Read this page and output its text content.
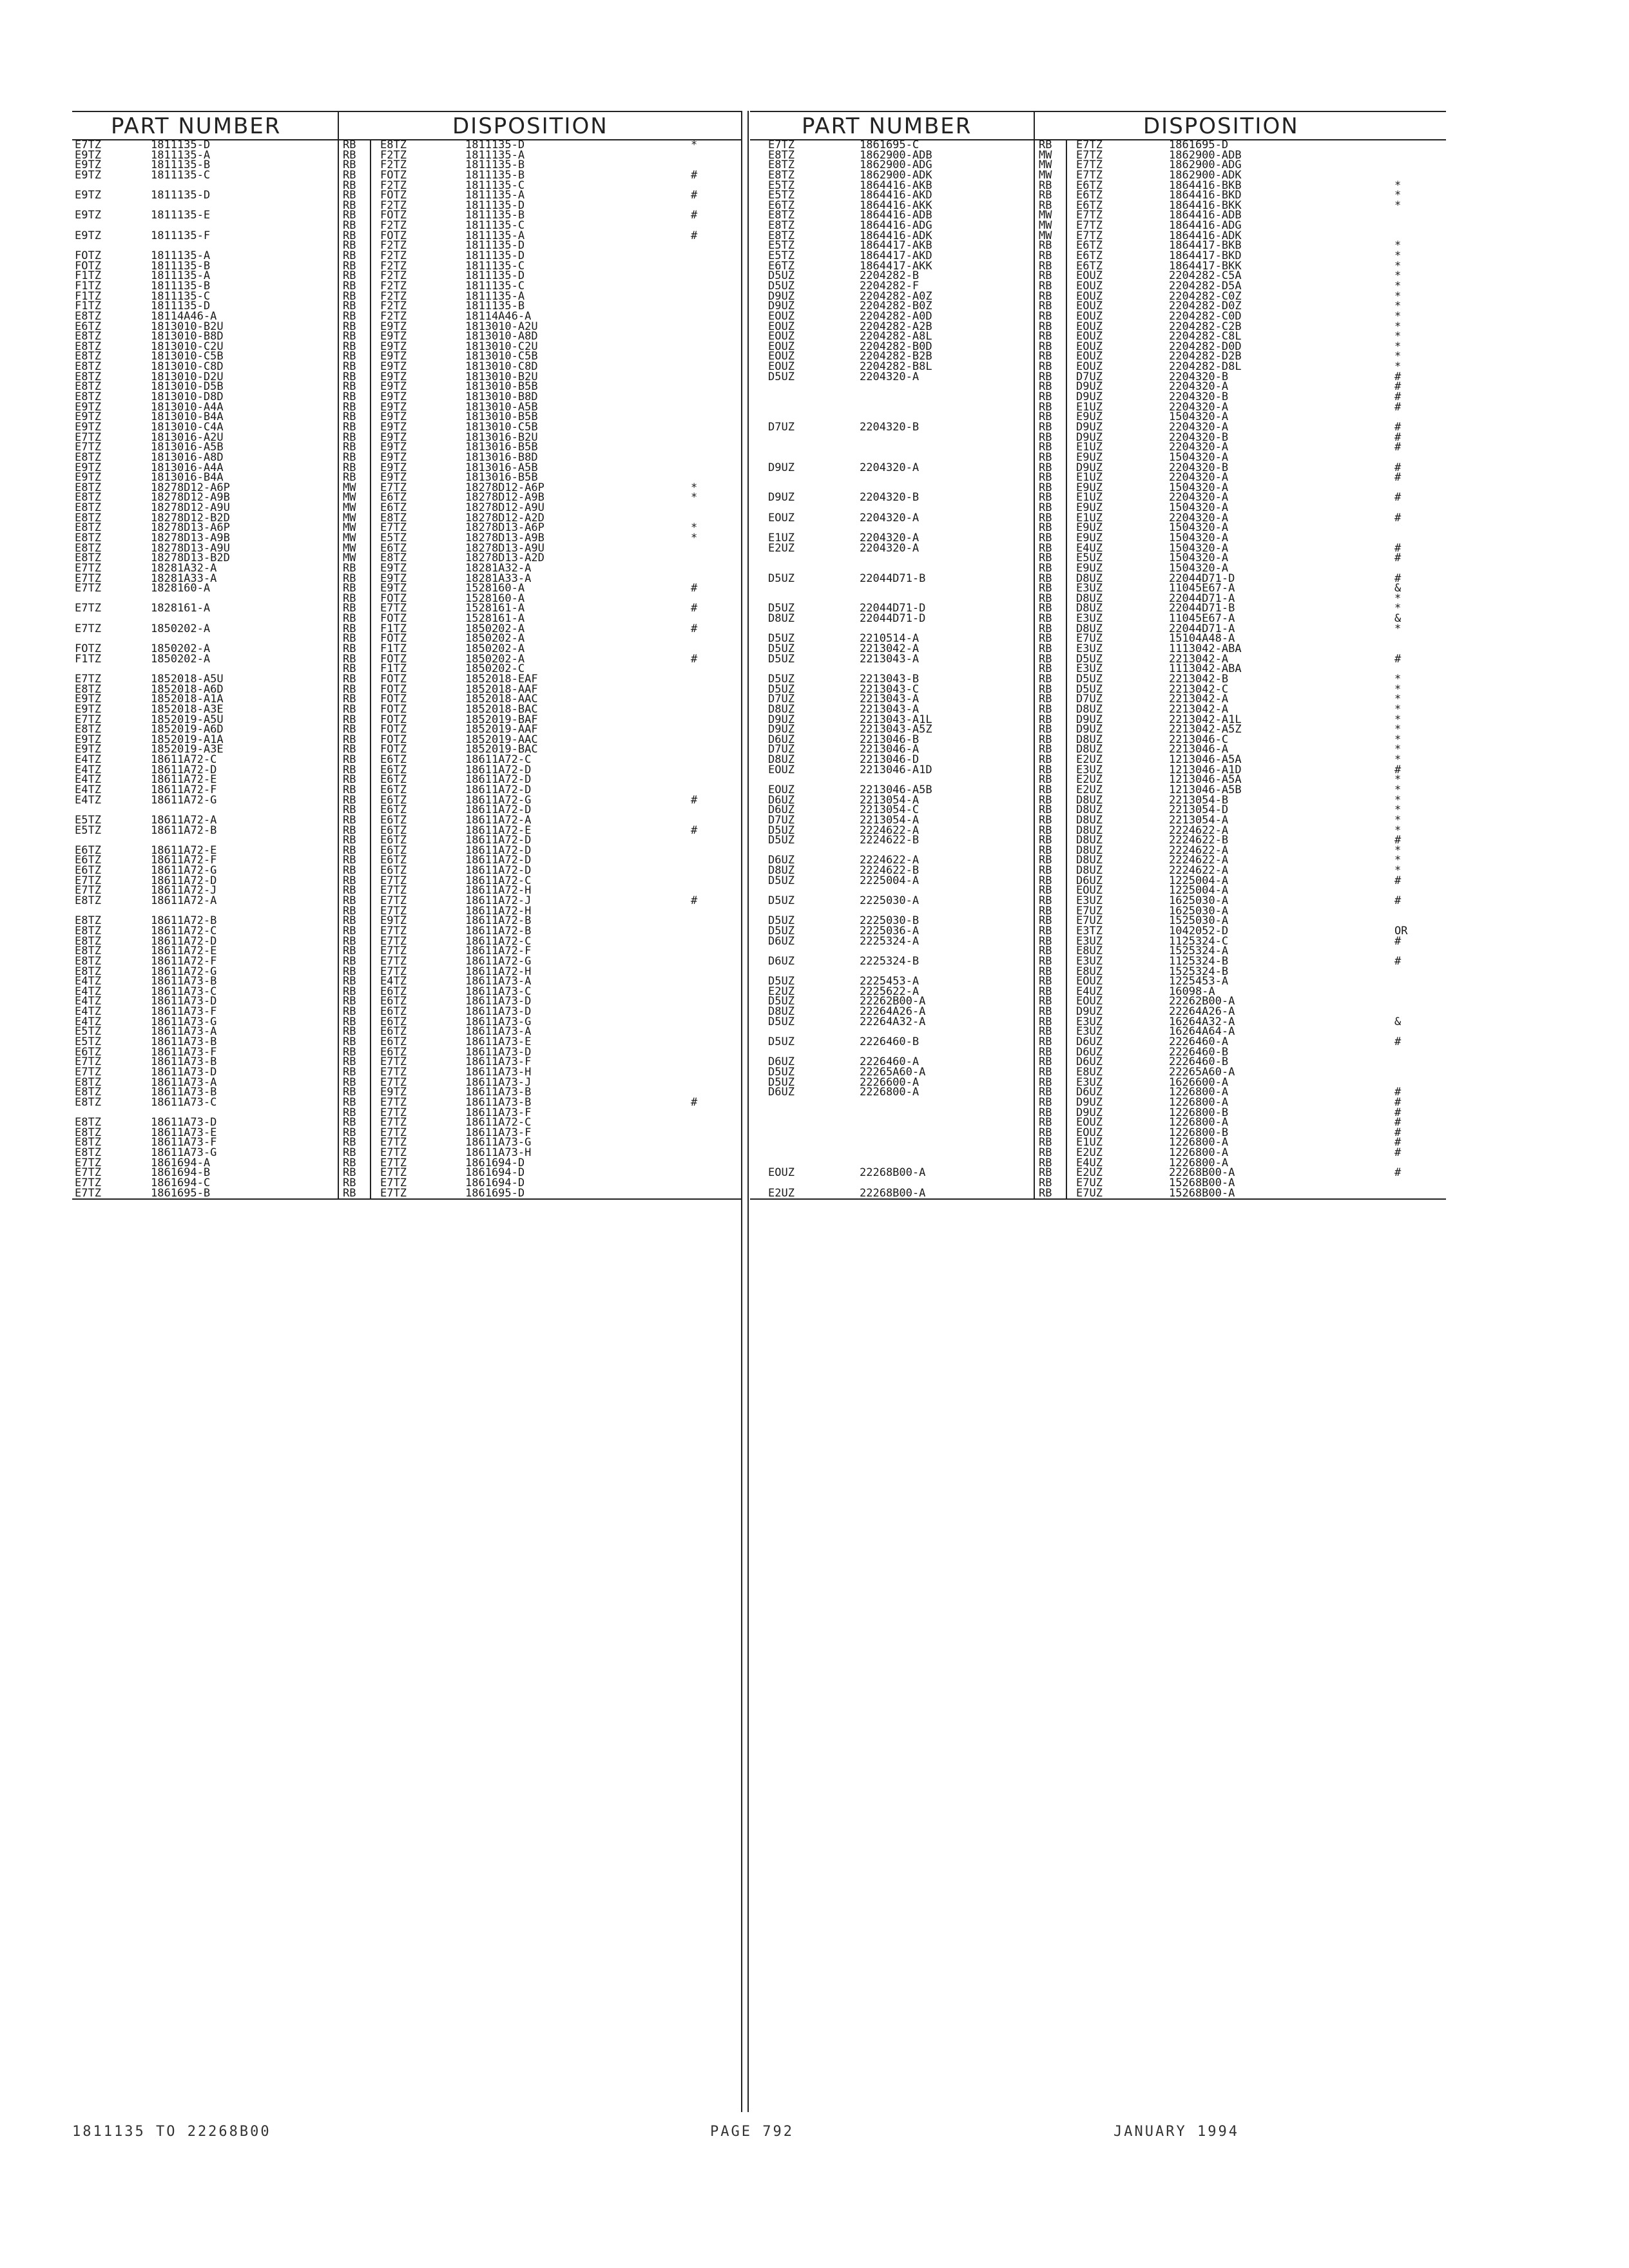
PART NUMBER	DISPOSITION
E7TZ	1811135-D	RB E8TZ	1811135-D	*
E9TZ	1811135-A	RB F2TZ	1811135-A
E9TZ	1811135-B	RB F2TZ	1811135-B
E9TZ	1811135-C	RB FOTZ	1811135-B	#
RB F2TZ	1811135-C
E9TZ	1811135-D	RB FOTZ	1811135-A	#
RB F2TZ	1811135-D
E9TZ	1811135-E	RB FOTZ	1811135-B	#
RB F2TZ	1811135-C
E9TZ	1811135-F	RB FOTZ	1811135-A	#
RB F2TZ	1811135-D
FOTZ	1811135-A	RB F2TZ	1811135-D
FOTZ	1811135-B	RB F2TZ	1811135-C
F1TZ	1811135-A	RB F2TZ	1811135-D
F1TZ	1811135-B	RB F2TZ	1811135-C
F1TZ	1811135-C	RB F2TZ	1811135-A
F1TZ	1811135-D	RB F2TZ	1811135-B
E8TZ	18114A46-A	RB F2TZ	18114A46-A
E6TZ	1813010-B2U	RB E9TZ	1813010-A2U
E8TZ	1813010-B8D	RB E9TZ	1813010-A8D
E8TZ	1813010-C2U	RB E9TZ	1813010-C2U
E8TZ	1813010-C5B	RB E9TZ	1813010-C5B
E8TZ	1813010-C8D	RB E9TZ	1813010-C8D
E8TZ	1813010-D2U	RB E9TZ	1813010-B2U
E8TZ	1813010-D5B	RB E9TZ	1813010-B5B
E8TZ	1813010-D8D	RB E9TZ	1813010-B8D
E9TZ	1813010-A4A	RB E9TZ	1813010-A5B
E9TZ	1813010-B4A	RB E9TZ	1813010-B5B
E9TZ	1813010-C4A	RB E9TZ	1813010-C5B
E7TZ	1813016-A2U	RB E9TZ	1813016-B2U
E7TZ	1813016-A5B	RB E9TZ	1813016-B5B
E8TZ	1813016-A8D	RB E9TZ	1813016-B8D
E9TZ	1813016-A4A	RB E9TZ	1813016-A5B
E9TZ	1813016-B4A	RB E9TZ	1813016-B5B
E8TZ	18278D12-A6P	MW E7TZ	18278D12-A6P	*
E8TZ	18278D12-A9B	MW E6TZ	18278D12-A9B	*
E8TZ	18278D12-A9U	MW E6TZ	18278D12-A9U
E8TZ	18278D12-B2D	MW E8TZ	18278D12-A2D
E8TZ	18278D13-A6P	MW E7TZ	18278D13-A6P	*
E8TZ	18278D13-A9B	MW E5TZ	18278D13-A9B	*
E8TZ	18278D13-A9U	MW E6TZ	18278D13-A9U
E8TZ	18278D13-B2D	MW E8TZ	18278D13-A2D
E7TZ	18281A32-A	RB E9TZ	18281A32-A
E7TZ	18281A33-A	RB E9TZ	18281A33-A
E7TZ	1828160-A	RB E9TZ	1528160-A	#
RB FOTZ	1528160-A
E7TZ	1828161-A	RB E7TZ	1528161-A	#
RB FOTZ	1528161-A
E7TZ	1850202-A	RB F1TZ	1850202-A	#
RB FOTZ	1850202-A
FOTZ	1850202-A	RB F1TZ	1850202-A
F1TZ	1850202-A	RB FOTZ	1850202-A	#
RB F1TZ	1850202-C
E7TZ	1852018-A5U	RB FOTZ	1852018-EAF
E8TZ	1852018-A6D	RB FOTZ	1852018-AAF
E9TZ	1852018-A1A	RB FOTZ	1852018-AAC
E9TZ	1852018-A3E	RB FOTZ	1852018-BAC
E7TZ	1852019-A5U	RB FOTZ	1852019-BAF
E8TZ	1852019-A6D	RB FOTZ	1852019-AAF
E9TZ	1852019-A1A	RB FOTZ	1852019-AAC
E9TZ	1852019-A3E	RB FOTZ	1852019-BAC
E4TZ	18611A72-C	RB E6TZ	18611A72-C
E4TZ	18611A72-D	RB E6TZ	18611A72-D
E4TZ	18611A72-E	RB E6TZ	18611A72-D
E4TZ	18611A72-F	RB E6TZ	18611A72-D
E4TZ	18611A72-G	RB E6TZ	18611A72-G	#
RB E6TZ	18611A72-D
E5TZ	18611A72-A	RB E6TZ	18611A72-A
E5TZ	18611A72-B	RB E6TZ	18611A72-E	#
RB E6TZ	18611A72-D
E6TZ	18611A72-E	RB E6TZ	18611A72-D
E6TZ	18611A72-F	RB E6TZ	18611A72-D
E6TZ	18611A72-G	RB E6TZ	18611A72-D
E7TZ	18611A72-D	RB E7TZ	18611A72-C
E7TZ	18611A72-J	RB E7TZ	18611A72-H
E8TZ	18611A72-A	RB E7TZ	18611A72-J	#
RB E7TZ	18611A72-H
E8TZ	18611A72-B	RB E9TZ	18611A72-B
E8TZ	18611A72-C	RB E7TZ	18611A72-B
E8TZ	18611A72-D	RB E7TZ	18611A72-C
E8TZ	18611A72-E	RB E7TZ	18611A72-F
E8TZ	18611A72-F	RB E7TZ	18611A72-G
E8TZ	18611A72-G	RB E7TZ	18611A72-H
E4TZ	18611A73-B	RB E4TZ	18611A73-A
E4TZ	18611A73-C	RB E6TZ	18611A73-C
E4TZ	18611A73-D	RB E6TZ	18611A73-D
E4TZ	18611A73-F	RB E6TZ	18611A73-D
E4TZ	18611A73-G	RB E6TZ	18611A73-G
E5TZ	18611A73-A	RB E6TZ	18611A73-A
E5TZ	18611A73-B	RB E6TZ	18611A73-E
E6TZ	18611A73-F	RB E6TZ	18611A73-D
E7TZ	18611A73-B	RB E7TZ	18611A73-F
E7TZ	18611A73-D	RB E7TZ	18611A73-H
E8TZ	18611A73-A	RB E7TZ	18611A73-J
E8TZ	18611A73-B	RB E9TZ	18611A73-B
E8TZ	18611A73-C	RB E7TZ	18611A73-B	#
RB E7TZ	18611A73-F
E8TZ	18611A73-D	RB E7TZ	18611A72-C
E8TZ	18611A73-E	RB E7TZ	18611A73-F
E8TZ	18611A73-F	RB E7TZ	18611A73-G
E8TZ	18611A73-G	RB E7TZ	18611A73-H
E7TZ	1861694-A	RB E7TZ	1861694-D
E7TZ	1861694-B	RB E7TZ	1861694-D
E7TZ	1861694-C	RB E7TZ	1861694-D
E7TZ	1861695-B	RB E7TZ	1861695-D
PART NUMBER	DISPOSITION
E7TZ	1861695-C	RB E7TZ	1861695-D
E8TZ	1862900-ADB	MW E7TZ	1862900-ADB
E8TZ	1862900-ADG	MW E7TZ	1862900-ADG
E8TZ	1862900-ADK	MW E7TZ	1862900-ADK
E5TZ	1864416-AKB	RB E6TZ	1864416-BKB	*
E5TZ	1864416-AKD	RB E6TZ	1864416-BKD	*
E6TZ	1864416-AKK	RB E6TZ	1864416-BKK	*
E8TZ	1864416-ADB	MW E7TZ	1864416-ADB
E8TZ	1864416-ADG	MW E7TZ	1864416-ADG
E8TZ	1864416-ADK	MW E7TZ	1864416-ADK
E5TZ	1864417-AKB	RB E6TZ	1864417-BKB	*
E5TZ	1864417-AKD	RB E6TZ	1864417-BKD	*
E6TZ	1864417-AKK	RB E6TZ	1864417-BKK	*
D5UZ	2204282-B	RB EOUZ	2204282-C5A	*
D5UZ	2204282-F	RB EOUZ	2204282-D5A	*
D9UZ	2204282-A0Z	RB EOUZ	2204282-C0Z	*
D9UZ	2204282-B0Z	RB EOUZ	2204282-D0Z	*
EOUZ	2204282-A0D	RB EOUZ	2204282-C0D	*
EOUZ	2204282-A2B	RB EOUZ	2204282-C2B	*
EOUZ	2204282-A8L	RB EOUZ	2204282-C8L	*
EOUZ	2204282-B0D	RB EOUZ	2204282-D0D	*
EOUZ	2204282-B2B	RB EOUZ	2204282-D2B	*
EOUZ	2204282-B8L	RB EOUZ	2204282-D8L	*
D5UZ	2204320-A	RB D7UZ	2204320-B	#
RB D9UZ	2204320-A	#
RB D9UZ	2204320-B	#
RB E1UZ	2204320-A	#
RB E9UZ	1504320-A
D7UZ	2204320-B	RB D9UZ	2204320-A	#
RB D9UZ	2204320-B	#
RB E1UZ	2204320-A	#
RB E9UZ	1504320-A
D9UZ	2204320-A	RB D9UZ	2204320-B	#
RB E1UZ	2204320-A	#
RB E9UZ	1504320-A
D9UZ	2204320-B	RB E1UZ	2204320-A	#
RB E9UZ	1504320-A
EOUZ	2204320-A	RB E1UZ	2204320-A	#
RB E9UZ	1504320-A
E1UZ	2204320-A	RB E9UZ	1504320-A
E2UZ	2204320-A	RB E4UZ	1504320-A	#
RB E5UZ	1504320-A	#
RB E9UZ	1504320-A
D5UZ	22044D71-B	RB D8UZ	22044D71-D	#
RB E3UZ	11045E67-A	&
RB D8UZ	22044D71-A	*
D5UZ	22044D71-D	RB D8UZ	22044D71-B	*
D8UZ	22044D71-D	RB E3UZ	11045E67-A	&
RB D8UZ	22044D71-A	*
D5UZ	2210514-A	RB E7UZ	15104A48-A
D5UZ	2213042-A	RB E3UZ	1113042-ABA
D5UZ	2213043-A	RB D5UZ	2213042-A	#
RB E3UZ	1113042-ABA
D5UZ	2213043-B	RB D5UZ	2213042-B	*
D5UZ	2213043-C	RB D5UZ	2213042-C	*
D7UZ	2213043-A	RB D7UZ	2213042-A	*
D8UZ	2213043-A	RB D8UZ	2213042-A	*
D9UZ	2213043-A1L	RB D9UZ	2213042-A1L	*
D9UZ	2213043-A5Z	RB D9UZ	2213042-A5Z	*
D6UZ	2213046-B	RB D8UZ	2213046-C	*
D7UZ	2213046-A	RB D8UZ	2213046-A	*
D8UZ	2213046-D	RB E2UZ	1213046-A5A	*
EOUZ	2213046-A1D	RB E3UZ	1213046-A1D	#
RB E2UZ	1213046-A5A	*
EOUZ	2213046-A5B	RB E2UZ	1213046-A5B	*
D6UZ	2213054-A	RB D8UZ	2213054-B	*
D6UZ	2213054-C	RB D8UZ	2213054-D	*
D7UZ	2213054-A	RB D8UZ	2213054-A	*
D5UZ	2224622-A	RB D8UZ	2224622-A	*
D5UZ	2224622-B	RB D8UZ	2224622-B	#
RB D8UZ	2224622-A	*
D6UZ	2224622-A	RB D8UZ	2224622-A	*
D8UZ	2224622-B	RB D8UZ	2224622-A	*
D5UZ	2225004-A	RB D6UZ	1225004-A	#
RB EOUZ	1225004-A
D5UZ	2225030-A	RB E3UZ	1625030-A	#
RB E7UZ	1625030-A
D5UZ	2225030-B	RB E7UZ	1525030-A
D5UZ	2225036-A	RB E3TZ	1042052-D	OR
D6UZ	2225324-A	RB E3UZ	1125324-C	#
RB E8UZ	1525324-A
D6UZ	2225324-B	RB E3UZ	1125324-B	#
RB E8UZ	1525324-B
D5UZ	2225453-A	RB EOUZ	1225453-A
E2UZ	2225622-A	RB E4UZ	16098-A
D5UZ	22262B00-A	RB EOUZ	22262B00-A
D8UZ	22264A26-A	RB D9UZ	22264A26-A
D5UZ	22264A32-A	RB E3UZ	16264A32-A	&
RB E3UZ	16264A64-A
D5UZ	2226460-B	RB D6UZ	2226460-A	#
RB D6UZ	2226460-B
D6UZ	2226460-A	RB D6UZ	2226460-B
D5UZ	22265A60-A	RB E8UZ	22265A60-A
D5UZ	2226600-A	RB E3UZ	1626600-A
D6UZ	2226800-A	RB D6UZ	1226800-A	#
RB D9UZ	1226800-A	#
RB D9UZ	1226800-B	#
RB EOUZ	1226800-A	#
RB EOUZ	1226800-B	#
RB E1UZ	1226800-A	#
RB E2UZ	1226800-A	#
RB E4UZ	1226800-A
EOUZ	22268B00-A	RB E2UZ	22268B00-A	#
RB E7UZ	15268B00-A
E2UZ	22268B00-A	RB E7UZ	15268B00-A
1811135 TO 22268B00	PAGE 792	JANUARY 1994
